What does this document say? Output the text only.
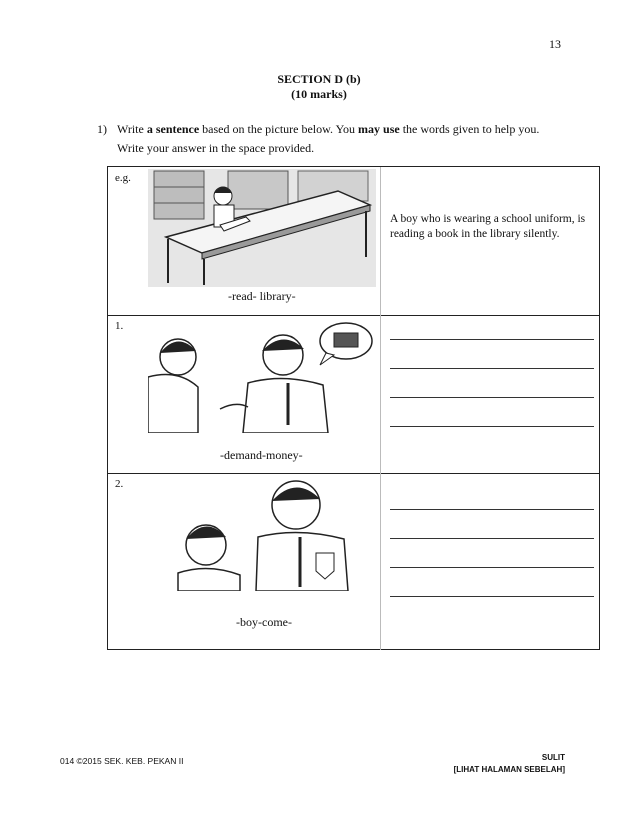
13
SECTION D (b)
(10 marks)
1) Write a sentence based on the picture below. You may use the words given to help you.
Write your answer in the space provided.
e.g.
-read- library-
A boy who is wearing a school uniform, is reading a book in the library silently.
1.
-demand-money-
2.
-boy-come-
014 ©2015 SEK. KEB. PEKAN II	SULIT
[LIHAT HALAMAN SEBELAH]
